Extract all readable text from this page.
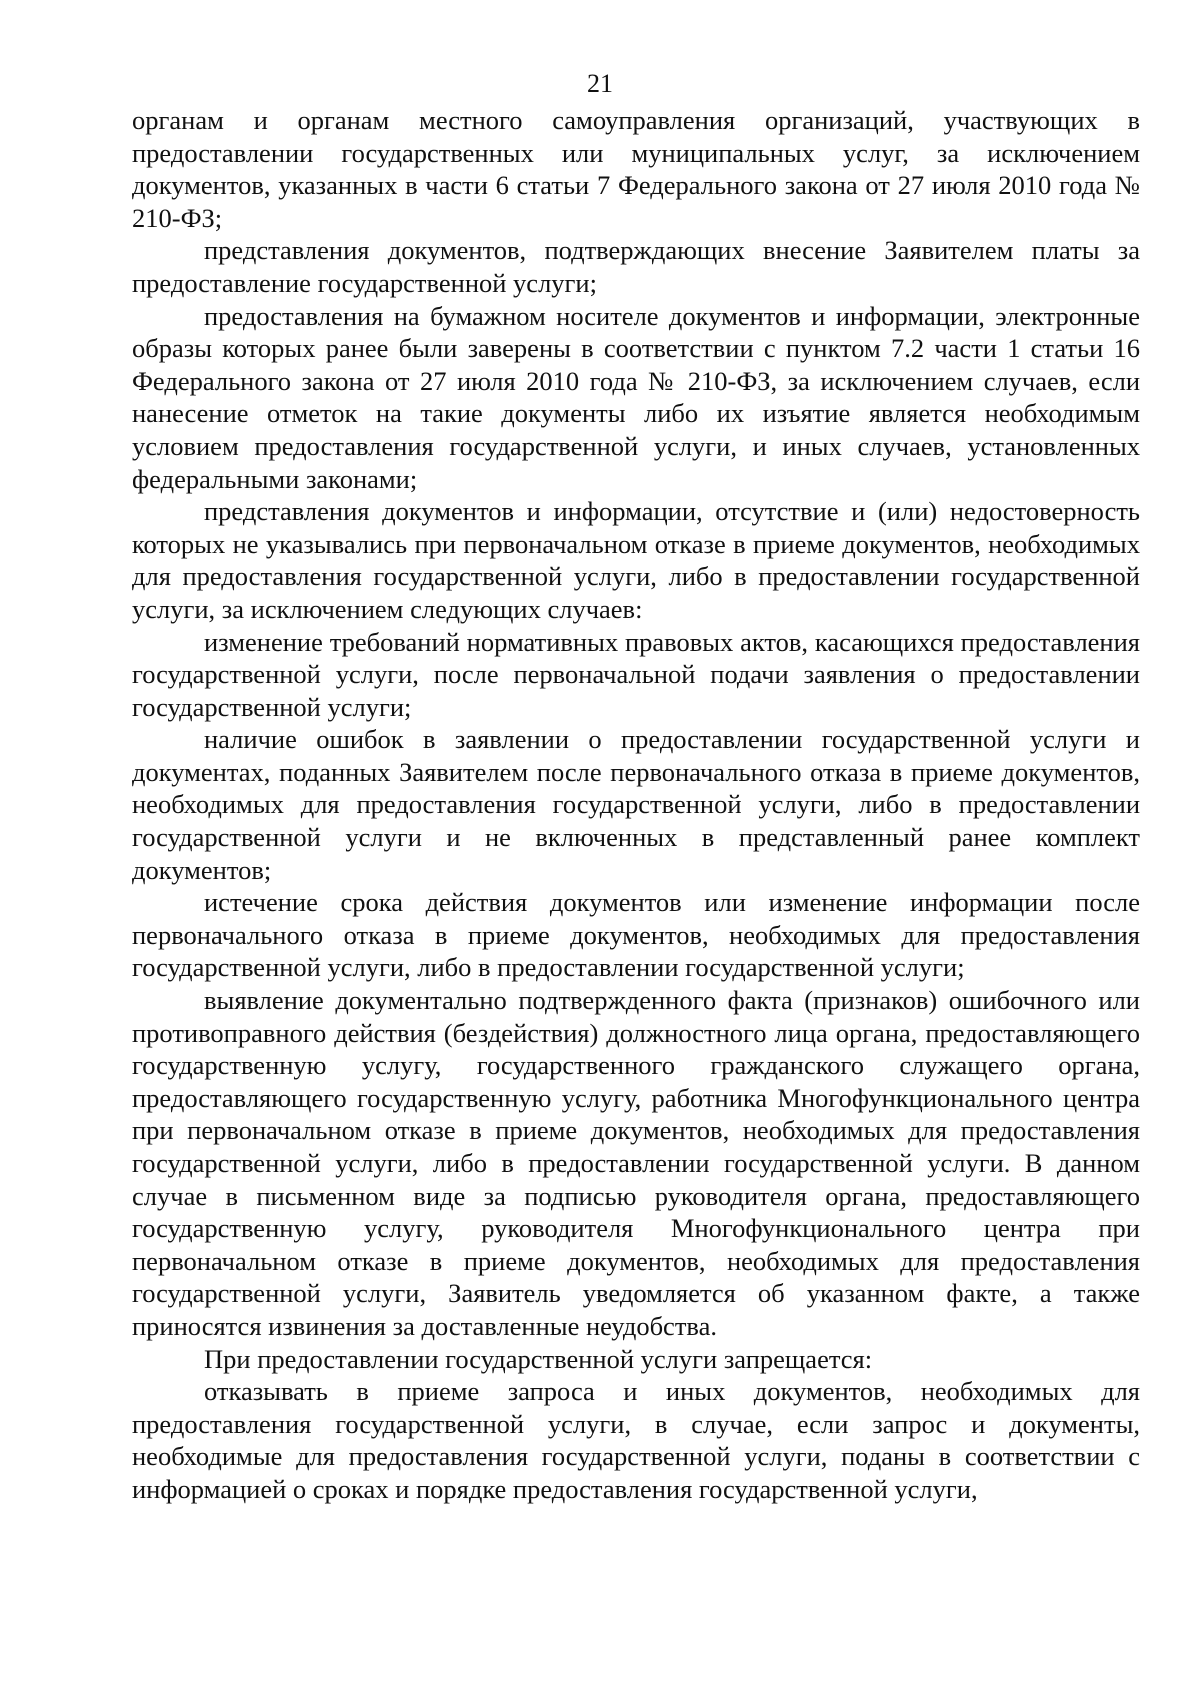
21

органам и органам местного самоуправления организаций, участвующих в предоставлении государственных или муниципальных услуг, за исключением документов, указанных в части 6 статьи 7 Федерального закона от 27 июля 2010 года № 210-ФЗ;

представления документов, подтверждающих внесение Заявителем платы за предоставление государственной услуги;

предоставления на бумажном носителе документов и информации, электронные образы которых ранее были заверены в соответствии с пунктом 7.2 части 1 статьи 16 Федерального закона от 27 июля 2010 года № 210-ФЗ, за исключением случаев, если нанесение отметок на такие документы либо их изъятие является необходимым условием предоставления государственной услуги, и иных случаев, установленных федеральными законами;

представления документов и информации, отсутствие и (или) недостоверность которых не указывались при первоначальном отказе в приеме документов, необходимых для предоставления государственной услуги, либо в предоставлении государственной услуги, за исключением следующих случаев:

изменение требований нормативных правовых актов, касающихся предоставления государственной услуги, после первоначальной подачи заявления о предоставлении государственной услуги;

наличие ошибок в заявлении о предоставлении государственной услуги и документах, поданных Заявителем после первоначального отказа в приеме документов, необходимых для предоставления государственной услуги, либо в предоставлении государственной услуги и не включенных в представленный ранее комплект документов;

истечение срока действия документов или изменение информации после первоначального отказа в приеме документов, необходимых для предоставления государственной услуги, либо в предоставлении государственной услуги;

выявление документально подтвержденного факта (признаков) ошибочного или противоправного действия (бездействия) должностного лица органа, предоставляющего государственную услугу, государственного гражданского служащего органа, предоставляющего государственную услугу, работника Многофункционального центра при первоначальном отказе в приеме документов, необходимых для предоставления государственной услуги, либо в предоставлении государственной услуги. В данном случае в письменном виде за подписью руководителя органа, предоставляющего государственную услугу, руководителя Многофункционального центра при первоначальном отказе в приеме документов, необходимых для предоставления государственной услуги, Заявитель уведомляется об указанном факте, а также приносятся извинения за доставленные неудобства.

При предоставлении государственной услуги запрещается:

отказывать в приеме запроса и иных документов, необходимых для предоставления государственной услуги, в случае, если запрос и документы, необходимые для предоставления государственной услуги, поданы в соответствии с информацией о сроках и порядке предоставления государственной услуги,
